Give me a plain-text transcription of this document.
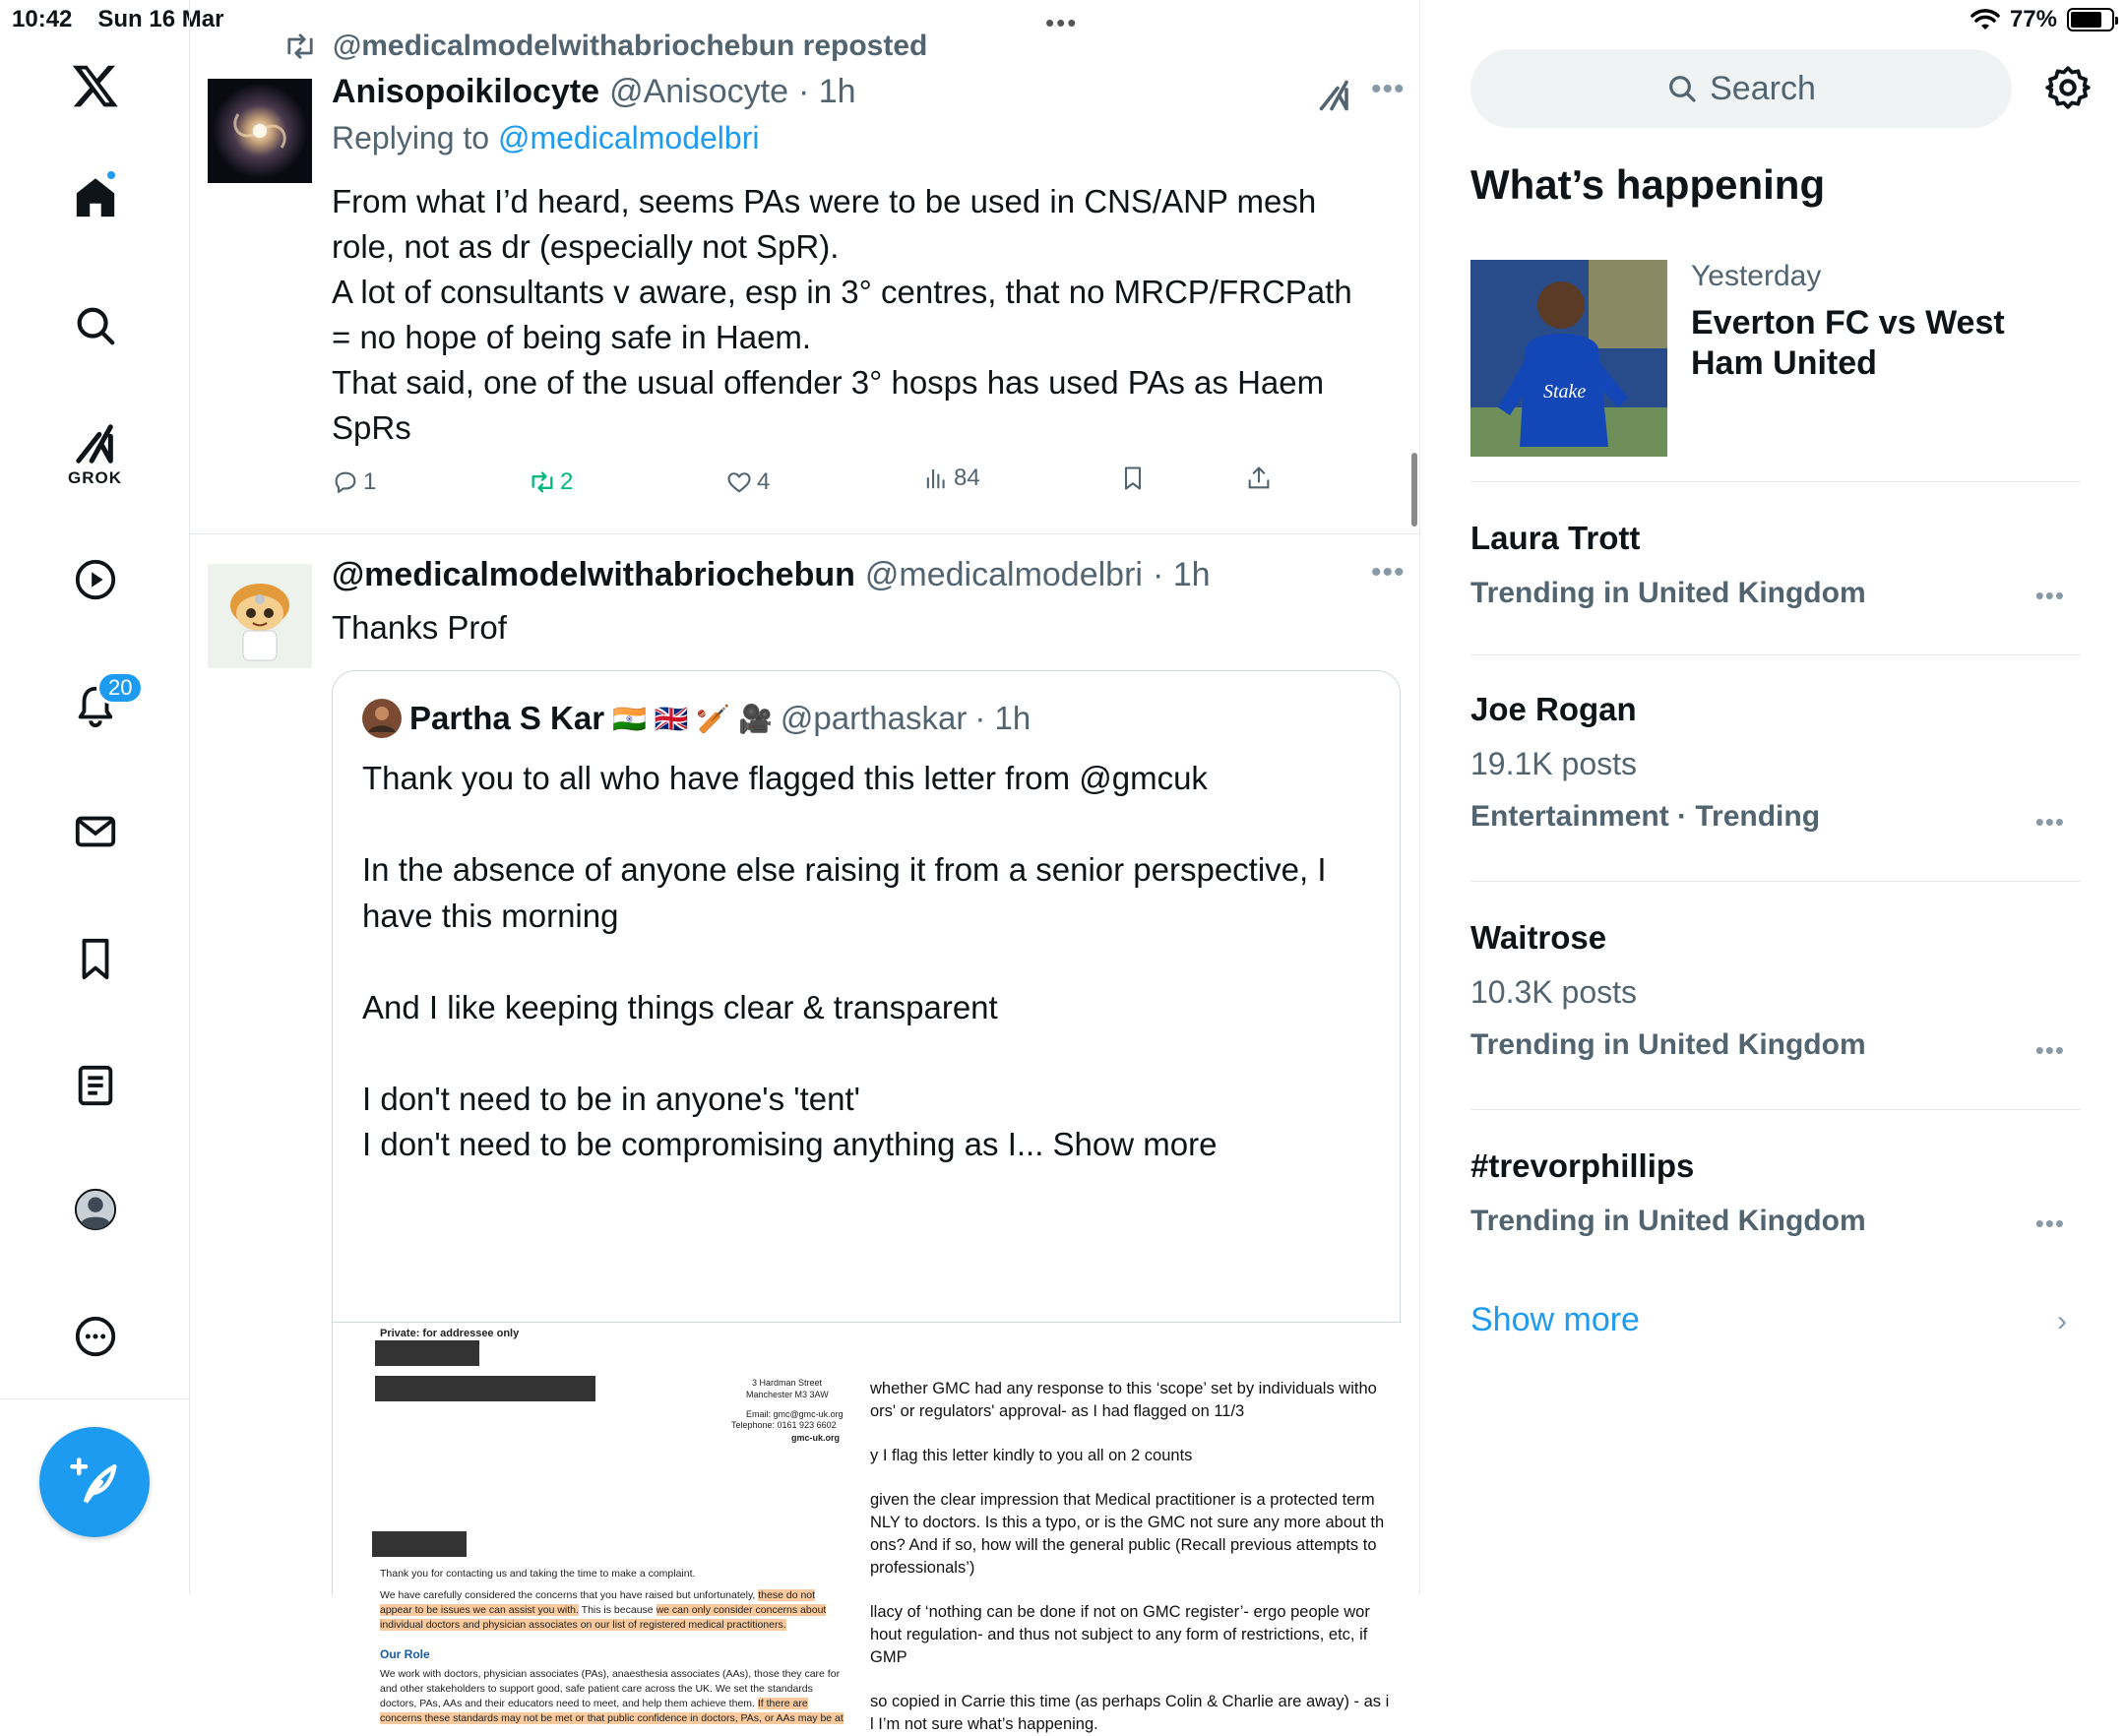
10:42 Sun 16 Mar	•••	77%
GROK
20
@medicalmodelwithabriochebun reposted
Anisopoikilocyte @Anisocyte · 1h	•••
Replying to @medicalmodelbri
From what I’d heard, seems PAs were to be used in CNS/ANP mesh
role, not as dr (especially not SpR).
A lot of consultants v aware, esp in 3° centres, that no MRCP/FRCPath
= no hope of being safe in Haem.
That said, one of the usual offender 3° hosps has used PAs as Haem
SpRs
1	2	4	84
@medicalmodelwithabriochebun @medicalmodelbri · 1h	•••
Thanks Prof
Partha S Kar 🇮🇳 🇬🇧 🏏 🎥 @parthaskar · 1h
Thank you to all who have flagged this letter from @gmcuk

In the absence of anyone else raising it from a senior perspective, I
have this morning

And I like keeping things clear & transparent

I don't need to be in anyone's 'tent'
I don't need to be compromising anything as I... Show more
Private: for addressee only
3 Hardman Street
Manchester M3 3AW
Email: gmc@gmc-uk.org
Telephone: 0161 923 6602
gmc-uk.org
Thank you for contacting us and taking the time to make a complaint.
We have carefully considered the concerns that you have raised but unfortunately, these do not
appear to be issues we can assist you with. This is because we can only consider concerns about
individual doctors and physician associates on our list of registered medical practitioners.
Our Role
We work with doctors, physician associates (PAs), anaesthesia associates (AAs), those they care for
and other stakeholders to support good, safe patient care across the UK. We set the standards
doctors, PAs, AAs and their educators need to meet, and help them achieve them. If there are
concerns these standards may not be met or that public confidence in doctors, PAs, or AAs may be at
whether GMC had any response to this ‘scope’ set by individuals witho
ors' or regulators' approval- as I had flagged on 11/3
y I flag this letter kindly to you all on 2 counts
given the clear impression that Medical practitioner is a protected term
NLY to doctors. Is this a typo, or is the GMC not sure any more about th
ons? And if so, how will the general public (Recall previous attempts to
professionals’)
llacy of ‘nothing can be done if not on GMC register’- ergo people wor
hout regulation- and thus not subject to any form of restrictions, etc, if
GMP
so copied in Carrie this time (as perhaps Colin & Charlie are away) - as i
l I’m not sure what’s happening.
Search
What’s happening
Stake
Yesterday
Everton FC vs West Ham United
Laura Trott
Trending in United Kingdom	•••
Joe Rogan
19.1K posts
Entertainment · Trending	•••
Waitrose
10.3K posts
Trending in United Kingdom	•••
#trevorphillips
Trending in United Kingdom	•••
Show more	›
